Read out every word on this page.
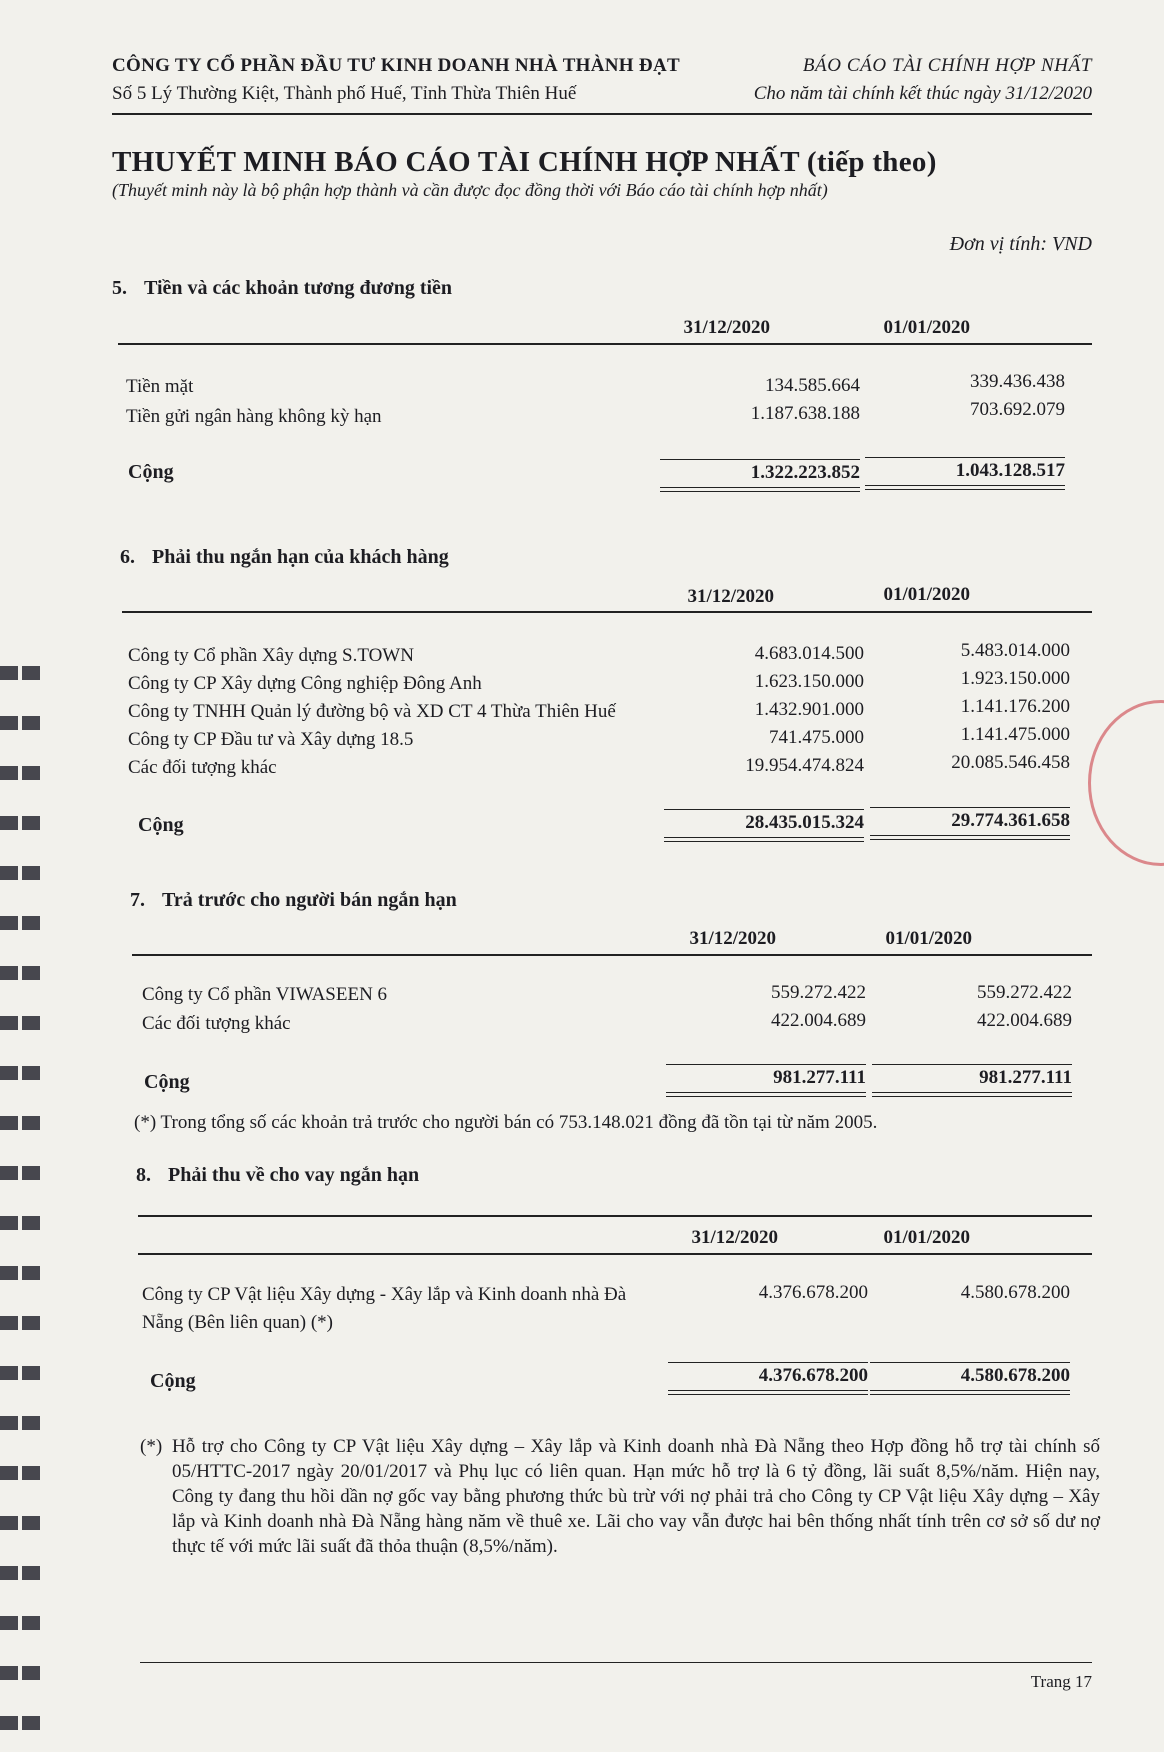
CÔNG TY CỔ PHẦN ĐẦU TƯ KINH DOANH NHÀ THÀNH ĐẠT
Số 5 Lý Thường Kiệt, Thành phố Huế, Tỉnh Thừa Thiên Huế
BÁO CÁO TÀI CHÍNH HỢP NHẤT
Cho năm tài chính kết thúc ngày 31/12/2020
THUYẾT MINH BÁO CÁO TÀI CHÍNH HỢP NHẤT (tiếp theo)
(Thuyết minh này là bộ phận hợp thành và cần được đọc đồng thời với Báo cáo tài chính hợp nhất)
Đơn vị tính: VND
5. Tiền và các khoản tương đương tiền
31/12/2020	01/01/2020
Tiền mặt	134.585.664	339.436.438
Tiền gửi ngân hàng không kỳ hạn	1.187.638.188	703.692.079
Cộng	1.322.223.852	1.043.128.517
6. Phải thu ngắn hạn của khách hàng
31/12/2020	01/01/2020
Công ty Cổ phần Xây dựng S.TOWN	4.683.014.500	5.483.014.000
Công ty CP Xây dựng Công nghiệp Đông Anh	1.623.150.000	1.923.150.000
Công ty TNHH Quản lý đường bộ và XD CT 4 Thừa Thiên Huế	1.432.901.000	1.141.176.200
Công ty CP Đầu tư và Xây dựng 18.5	741.475.000	1.141.475.000
Các đối tượng khác	19.954.474.824	20.085.546.458
Cộng	28.435.015.324	29.774.361.658
7. Trả trước cho người bán ngắn hạn
31/12/2020	01/01/2020
Công ty Cổ phần VIWASEEN 6	559.272.422	559.272.422
Các đối tượng khác	422.004.689	422.004.689
Cộng	981.277.111	981.277.111
(*) Trong tổng số các khoản trả trước cho người bán có 753.148.021 đồng đã tồn tại từ năm 2005.
8. Phải thu về cho vay ngắn hạn
31/12/2020	01/01/2020
Công ty CP Vật liệu Xây dựng - Xây lắp và Kinh doanh nhà Đà
Nẵng (Bên liên quan) (*)
4.376.678.200	4.580.678.200
Cộng	4.376.678.200	4.580.678.200
(*) Hỗ trợ cho Công ty CP Vật liệu Xây dựng – Xây lắp và Kinh doanh nhà Đà Nẵng theo Hợp đồng hỗ trợ tài chính số 05/HTTC-2017 ngày 20/01/2017 và Phụ lục có liên quan. Hạn mức hỗ trợ là 6 tỷ đồng, lãi suất 8,5%/năm. Hiện nay, Công ty đang thu hồi dần nợ gốc vay bằng phương thức bù trừ với nợ phải trả cho Công ty CP Vật liệu Xây dựng – Xây lắp và Kinh doanh nhà Đà Nẵng hàng năm về thuê xe. Lãi cho vay vẫn được hai bên thống nhất tính trên cơ sở số dư nợ thực tế với mức lãi suất đã thỏa thuận (8,5%/năm).
Trang 17
